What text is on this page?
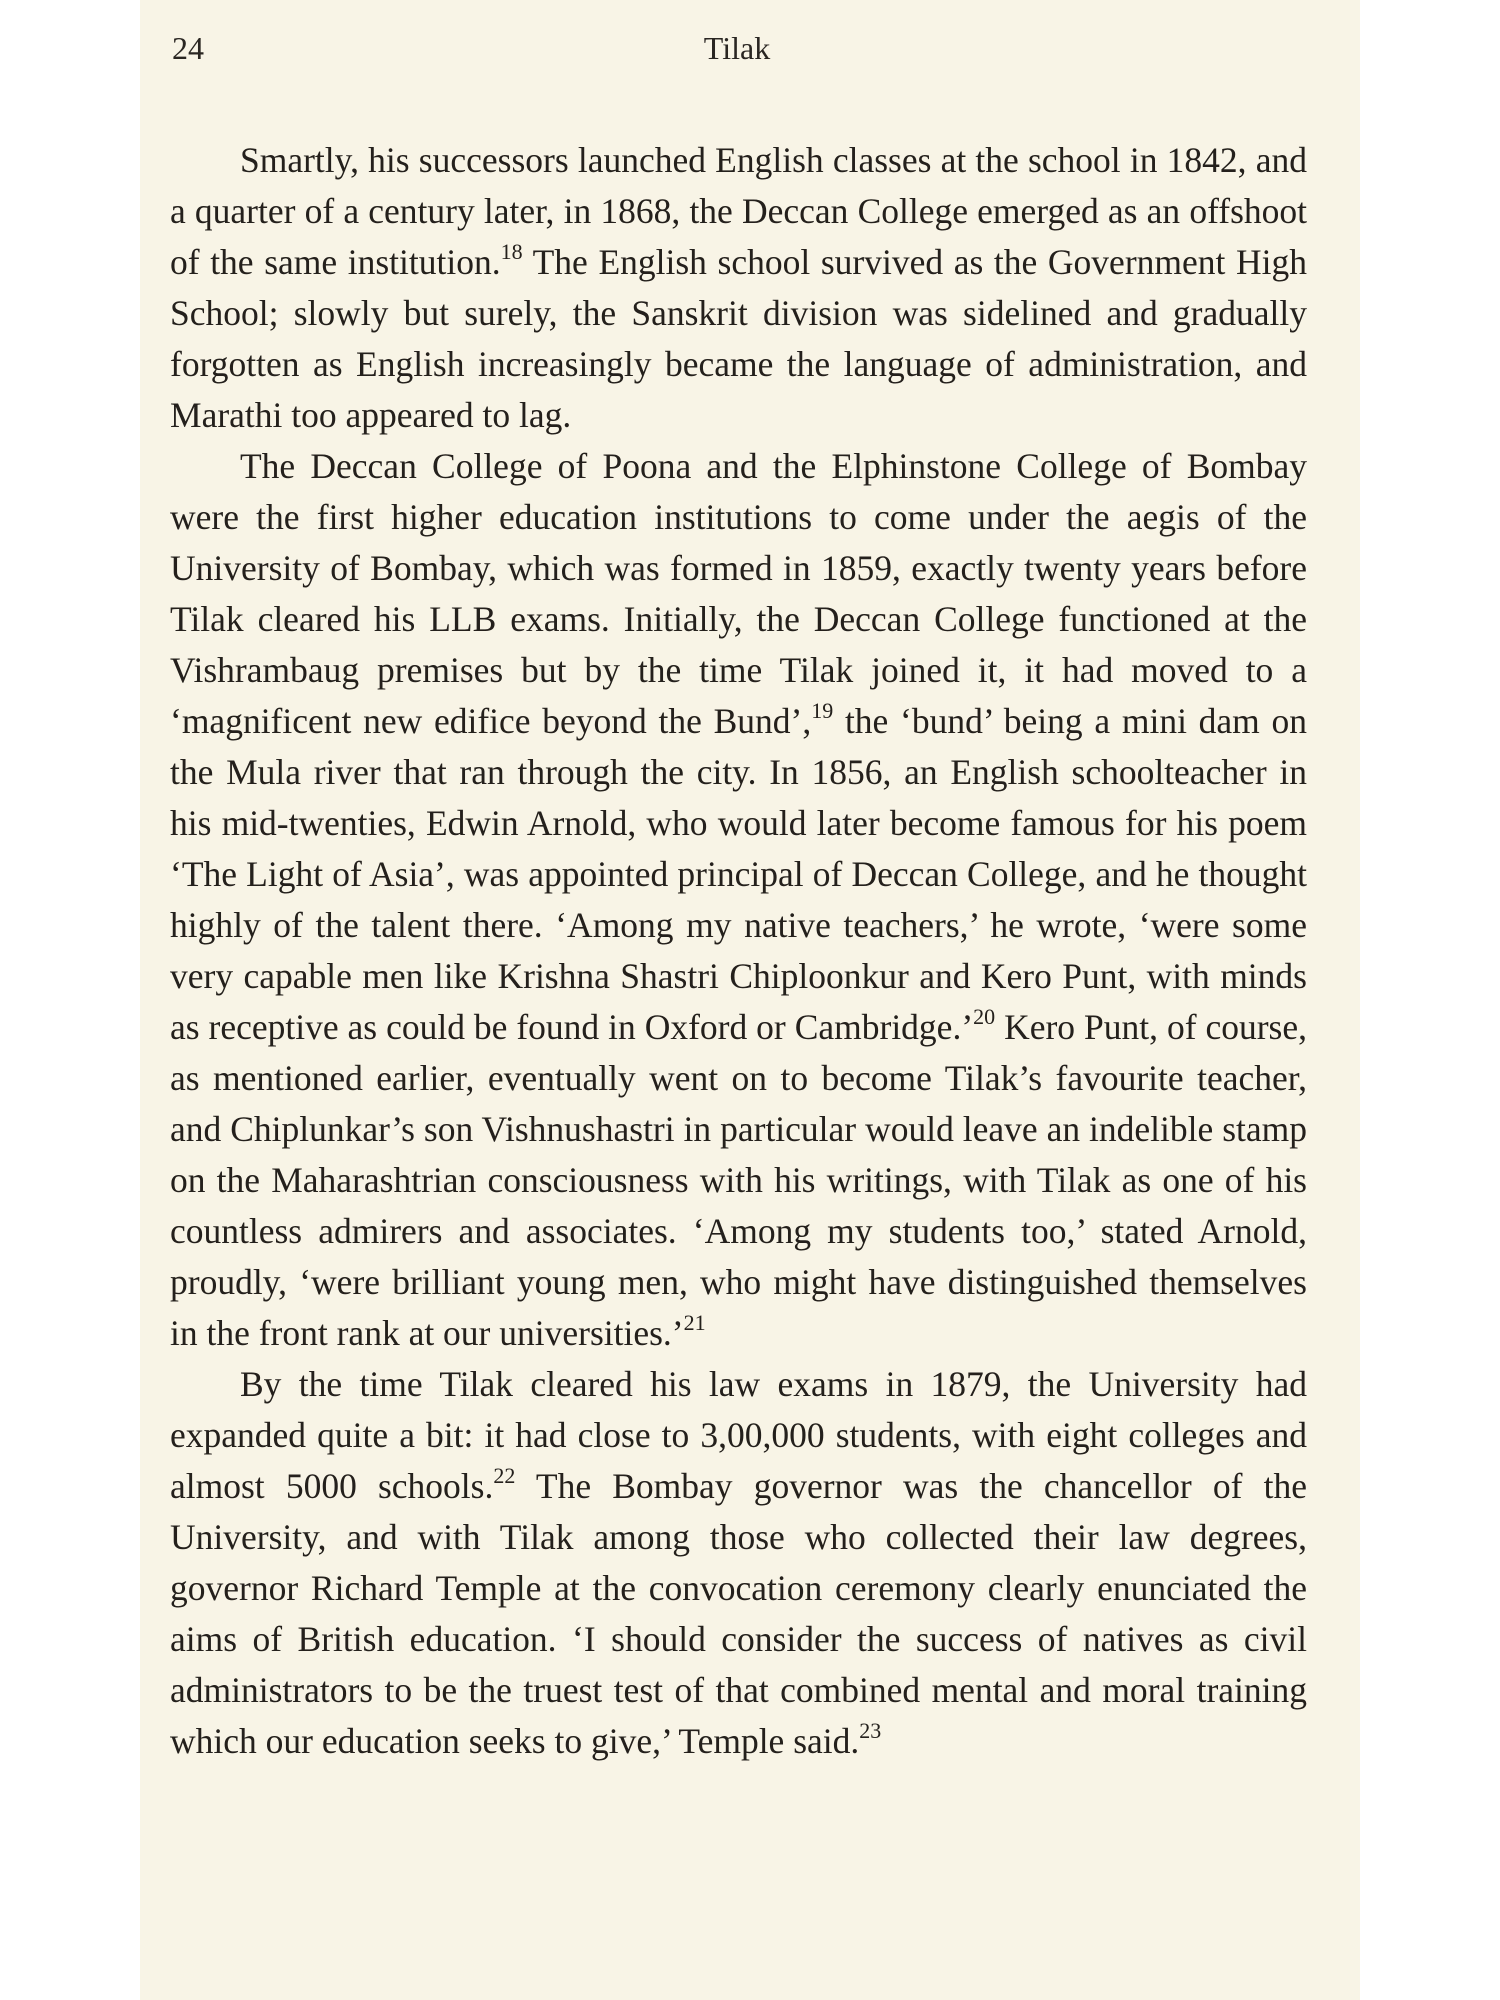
24	Tilak

Smartly, his successors launched English classes at the school in 1842, and a quarter of a century later, in 1868, the Deccan College emerged as an offshoot of the same institution.$^{18}$ The English school survived as the Government High School; slowly but surely, the Sanskrit division was sidelined and gradually forgotten as English increasingly became the language of administration, and Marathi too appeared to lag.

The Deccan College of Poona and the Elphinstone College of Bombay were the first higher education institutions to come under the aegis of the University of Bombay, which was formed in 1859, exactly twenty years before Tilak cleared his LLB exams. Initially, the Deccan College functioned at the Vishrambaug premises but by the time Tilak joined it, it had moved to a ‘magnificent new edifice beyond the Bund’,$^{19}$ the ‘bund’ being a mini dam on the Mula river that ran through the city. In 1856, an English schoolteacher in his mid-twenties, Edwin Arnold, who would later become famous for his poem ‘The Light of Asia’, was appointed principal of Deccan College, and he thought highly of the talent there. ‘Among my native teachers,’ he wrote, ‘were some very capable men like Krishna Shastri Chiploonkur and Kero Punt, with minds as receptive as could be found in Oxford or Cambridge.’$^{20}$ Kero Punt, of course, as mentioned earlier, eventually went on to become Tilak’s favourite teacher, and Chiplunkar’s son Vishnushastri in particular would leave an indelible stamp on the Maharashtrian consciousness with his writings, with Tilak as one of his countless admirers and associates. ‘Among my students too,’ stated Arnold, proudly, ‘were brilliant young men, who might have distinguished themselves in the front rank at our universities.’$^{21}$

By the time Tilak cleared his law exams in 1879, the University had expanded quite a bit: it had close to 3,00,000 students, with eight colleges and almost 5000 schools.$^{22}$ The Bombay governor was the chancellor of the University, and with Tilak among those who collected their law degrees, governor Richard Temple at the convocation ceremony clearly enunciated the aims of British education. ‘I should consider the success of natives as civil administrators to be the truest test of that combined mental and moral training which our education seeks to give,’ Temple said.$^{23}$
